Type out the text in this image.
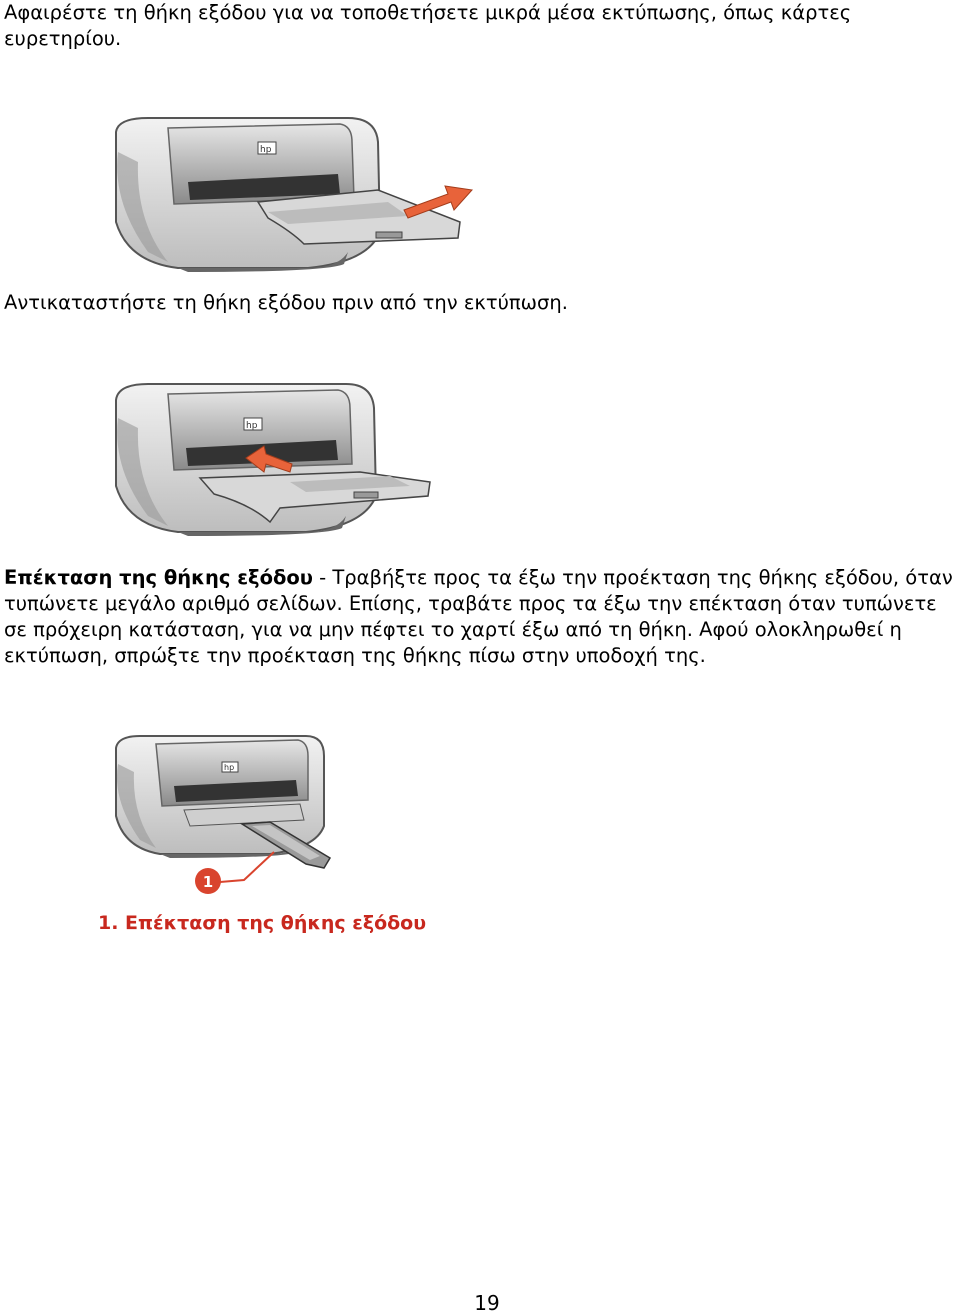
Αφαιρέστε τη θήκη εξόδου για να τοποθετήσετε μικρά μέσα εκτύπωσης, όπως κάρτες ευρετηρίου.

hp

Αντικαταστήστε τη θήκη εξόδου πριν από την εκτύπωση.

hp

Επέκταση της θήκης εξόδου - Τραβήξτε προς τα έξω την προέκταση της θήκης εξόδου, όταν τυπώνετε μεγάλο αριθμό σελίδων. Επίσης, τραβάτε προς τα έξω την επέκταση όταν τυπώνετε σε πρόχειρη κατάσταση, για να μην πέφτει το χαρτί έξω από τη θήκη. Αφού ολοκληρωθεί η εκτύπωση, σπρώξτε την προέκταση της θήκης πίσω στην υποδοχή της.

hp
1

1. Επέκταση της θήκης εξόδου

19
